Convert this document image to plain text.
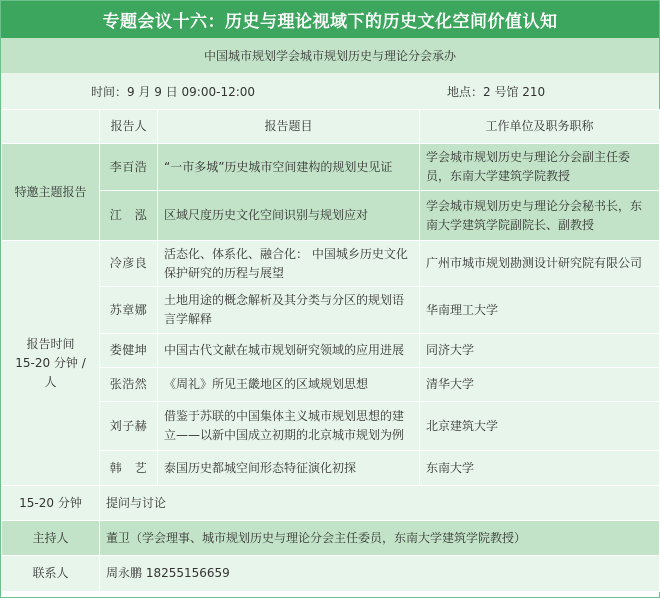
专题会议十六：历史与理论视域下的历史文化空间价值认知
中国城市规划学会城市规划历史与理论分会承办
时间：9 月 9 日 09:00-12:00	地点：2 号馆 210
	报告人	报告题目	工作单位及职务职称
特邀主题报告	李百浩	“一市多城”历史城市空间建构的规划史见证	学会城市规划历史与理论分会副主任委员，东南大学建筑学院教授
	江　泓	区域尺度历史文化空间识别与规划应对	学会城市规划历史与理论分会秘书长，东南大学建筑学院副院长、副教授

报告时间
15-20 分钟 / 人	冷彦良	活态化、体系化、融合化： 中国城乡历史文化保护研究的历程与展望	广州市城市规划勘测设计研究院有限公司
	苏章娜	土地用途的概念解析及其分类与分区的规划语言学解释	华南理工大学
	娄健坤	中国古代文献在城市规划研究领域的应用进展	同济大学
	张浩然	《周礼》所见王畿地区的区域规划思想	清华大学
	刘子赫	借鉴于苏联的中国集体主义城市规划思想的建立——以新中国成立初期的北京城市规划为例	北京建筑大学
	韩　艺	泰国历史都城空间形态特征演化初探	东南大学
15-20 分钟	提问与讨论		
主持人	董卫（学会理事、城市规划历史与理论分会主任委员，东南大学建筑学院教授）		
联系人	周永鹏 18255156659		
